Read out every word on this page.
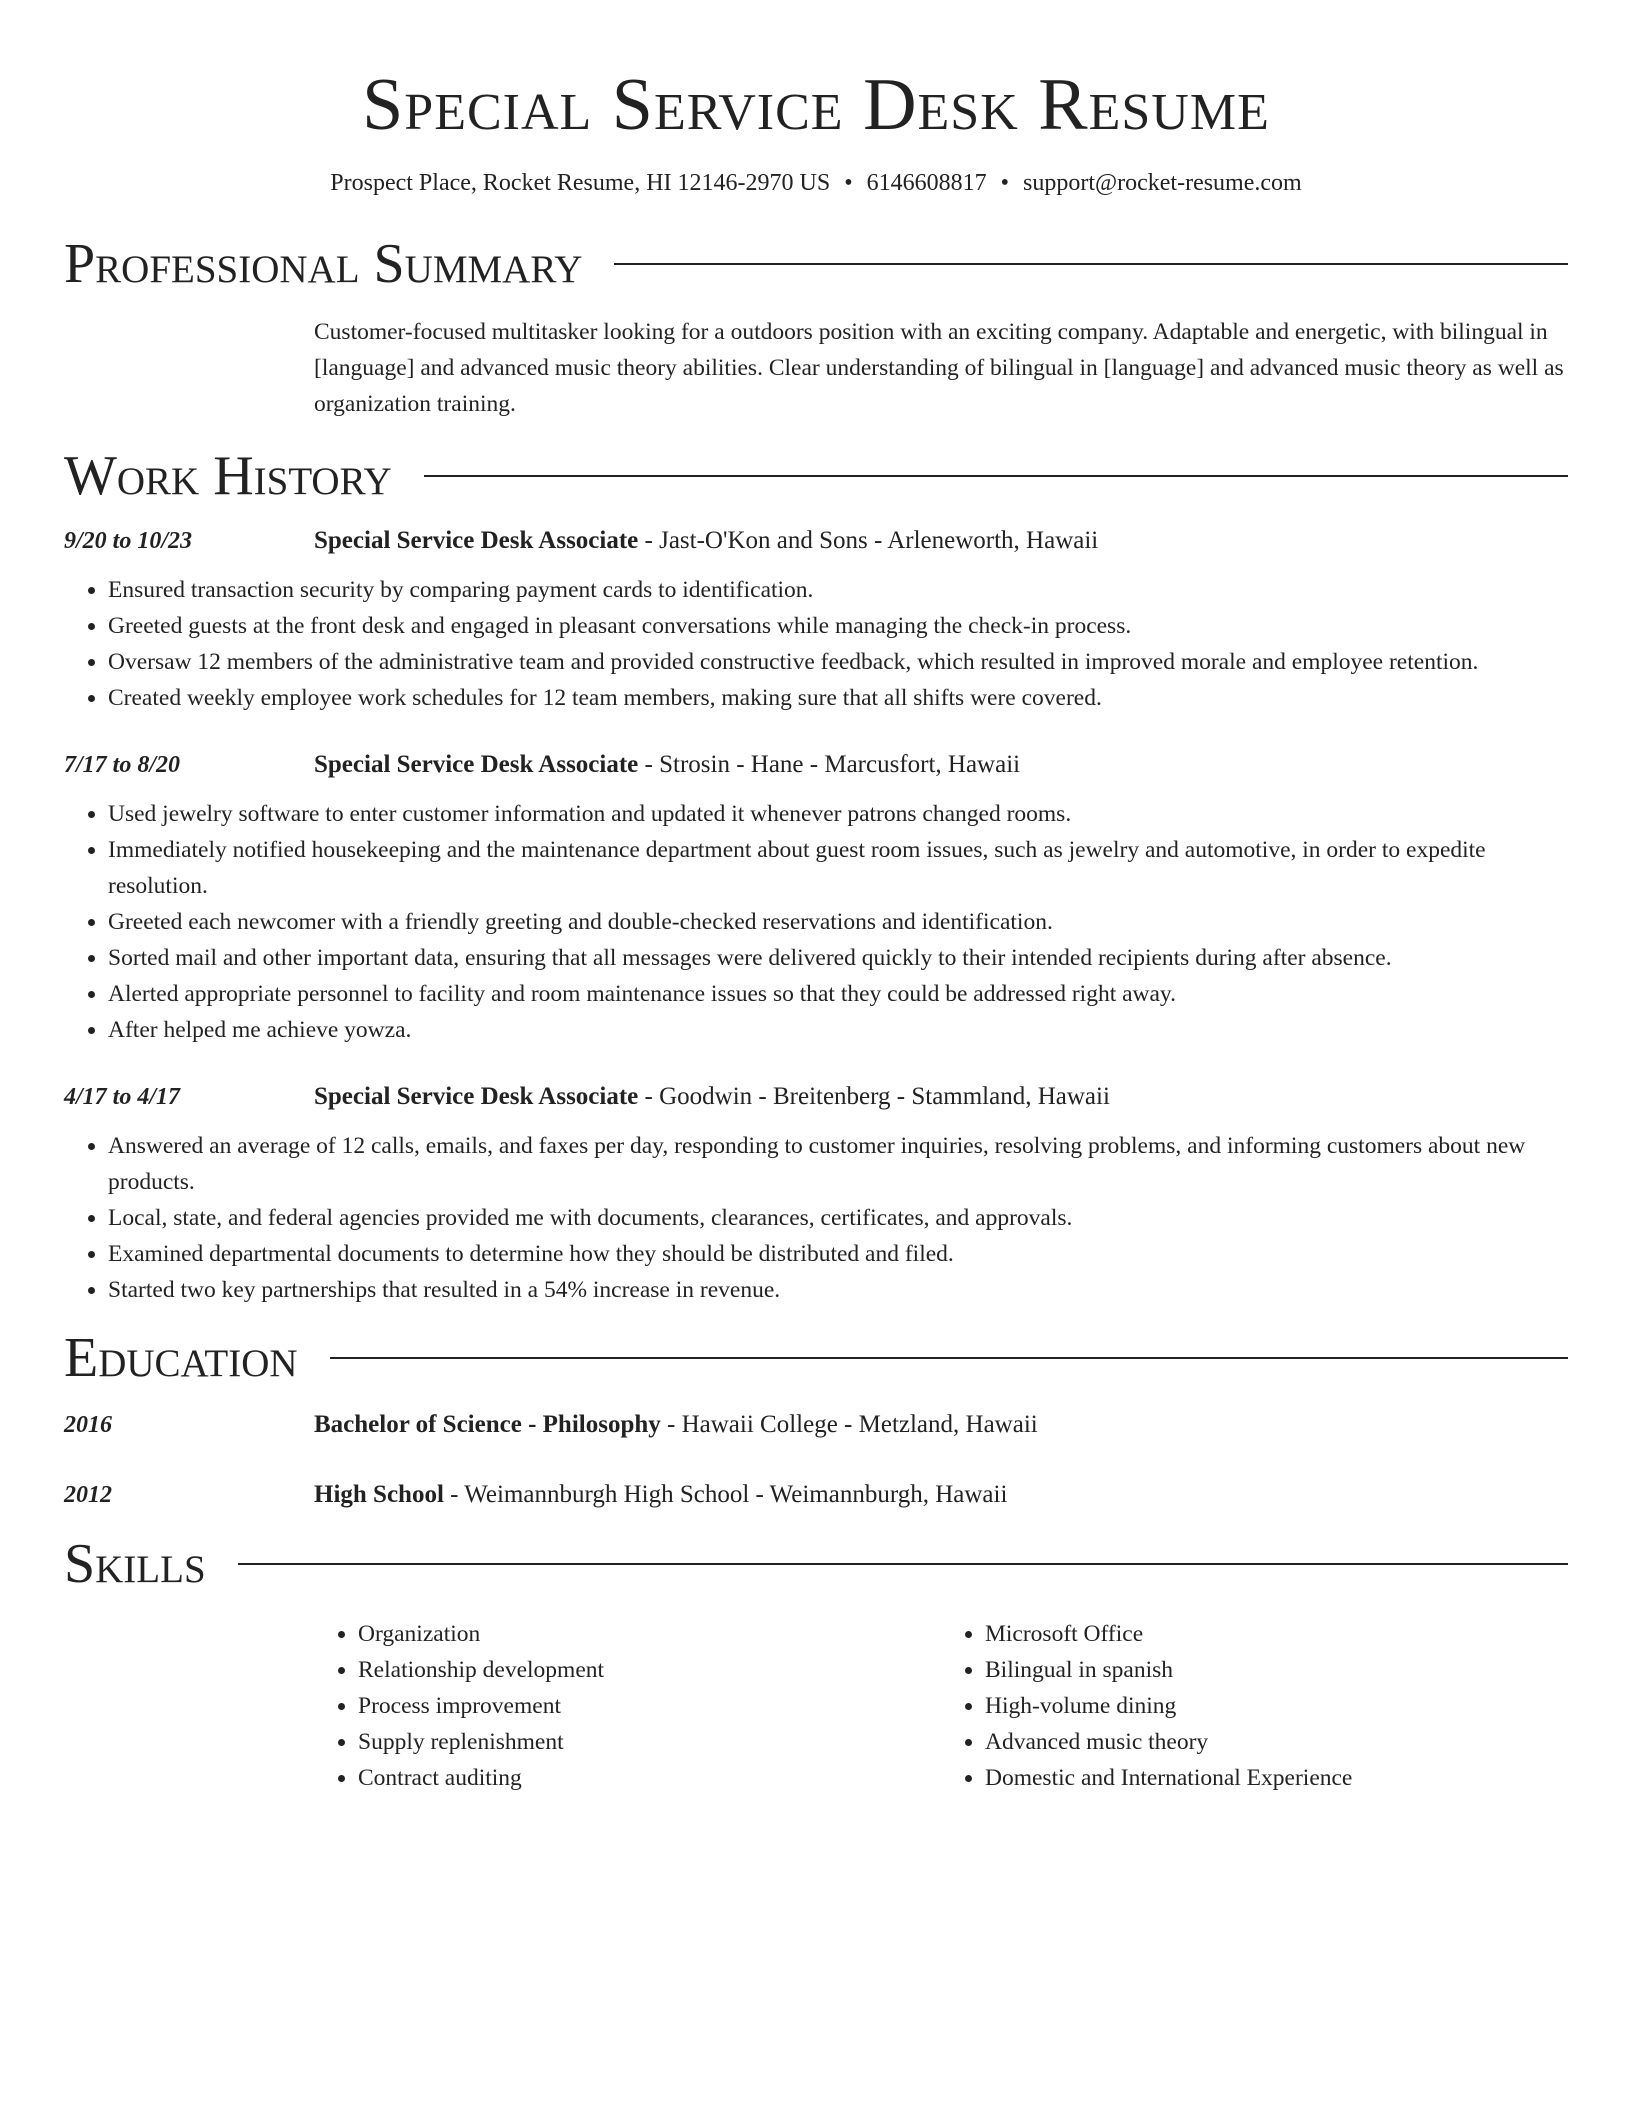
Special Service Desk Resume
Prospect Place, Rocket Resume, HI 12146-2970 US • 6146608817 • support@rocket-resume.com
Professional Summary
Customer-focused multitasker looking for a outdoors position with an exciting company. Adaptable and energetic, with bilingual in [language] and advanced music theory abilities. Clear understanding of bilingual in [language] and advanced music theory as well as organization training.
Work History
9/20 to 10/23	Special Service Desk Associate - Jast-O'Kon and Sons - Arleneworth, Hawaii
• Ensured transaction security by comparing payment cards to identification.
• Greeted guests at the front desk and engaged in pleasant conversations while managing the check-in process.
• Oversaw 12 members of the administrative team and provided constructive feedback, which resulted in improved morale and employee retention.
• Created weekly employee work schedules for 12 team members, making sure that all shifts were covered.
7/17 to 8/20	Special Service Desk Associate - Strosin - Hane - Marcusfort, Hawaii
• Used jewelry software to enter customer information and updated it whenever patrons changed rooms.
• Immediately notified housekeeping and the maintenance department about guest room issues, such as jewelry and automotive, in order to expedite resolution.
• Greeted each newcomer with a friendly greeting and double-checked reservations and identification.
• Sorted mail and other important data, ensuring that all messages were delivered quickly to their intended recipients during after absence.
• Alerted appropriate personnel to facility and room maintenance issues so that they could be addressed right away.
• After helped me achieve yowza.
4/17 to 4/17	Special Service Desk Associate - Goodwin - Breitenberg - Stammland, Hawaii
• Answered an average of 12 calls, emails, and faxes per day, responding to customer inquiries, resolving problems, and informing customers about new products.
• Local, state, and federal agencies provided me with documents, clearances, certificates, and approvals.
• Examined departmental documents to determine how they should be distributed and filed.
• Started two key partnerships that resulted in a 54% increase in revenue.
Education
2016	Bachelor of Science - Philosophy - Hawaii College - Metzland, Hawaii
2012	High School - Weimannburgh High School - Weimannburgh, Hawaii
Skills
• Organization
• Relationship development
• Process improvement
• Supply replenishment
• Contract auditing
• Microsoft Office
• Bilingual in spanish
• High-volume dining
• Advanced music theory
• Domestic and International Experience
